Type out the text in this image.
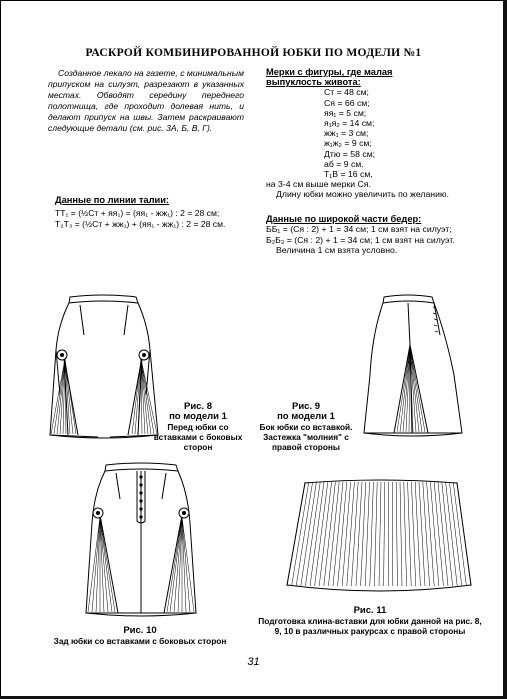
РАСКРОЙ КОМБИНИРОВАННОЙ ЮБКИ ПО МОДЕЛИ №1

Созданное лекало на газете, с минимальным припуском на силуэт, разрезают в указанных местах. Обводят середину переднего полотнища, где проходит долевая нить, и делают припуск на швы. Затем раскраивают следующие детали (см. рис. 3А, Б, В, Г).

Мерки с фигуры, где малая
выпуклость живота:
Ст = 48 см;
Ся = 66 см;
яя₁ = 5 см;
я₁я₂ = 14 см;
жж₁ = 3 см;
ж₁ж₂ = 9 см;
Дтю = 58 см;
аб = 9 см.
Т₁В = 16 см,
на 3-4 см выше мерки Ся.
Длину юбки можно увеличить по желанию.
Данные по линии талии:
ТТ₁ = (½Ст + яя₁) = (яя₁ - жж₁) : 2 = 28 см;
Т₂Т₃ = (½Ст + жж₁) + (яя₁ - жж₁) : 2 = 28 см.	Данные по широкой части бедер:
ББ₁ = (Ся : 2) + 1 = 34 см; 1 см взят на силуэт;
Б₂Б₃ = (Ся : 2) + 1 = 34 см; 1 см взят на силуэт.
Величина 1 см взята условно.
Рис. 8
по модели 1
Перед юбки со вставками с боковых сторон
Рис. 9
по модели 1
Бок юбки со вставкой. Застежка "молния" с правой стороны
Рис. 10
Зад юбки со вставками с боковых сторон
Рис. 11
Подготовка клина-вставки для юбки данной на рис. 8, 9, 10 в различных ракурсах с правой стороны
31
